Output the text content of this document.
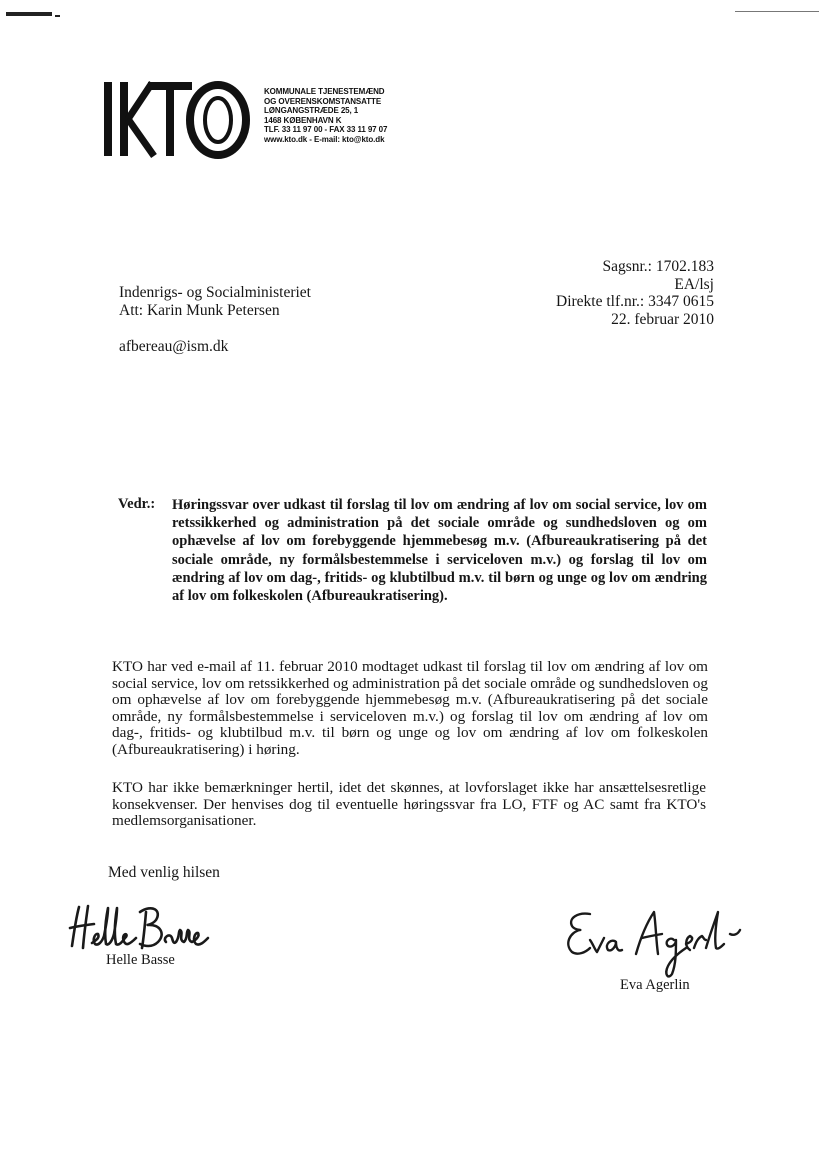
KOMMUNALE TJENESTEMÆND
OG OVERENSKOMSTANSATTE
LØNGANGSTRÆDE 25, 1
1468 KØBENHAVN K
TLF. 33 11 97 00 - FAX 33 11 97 07
www.kto.dk - E-mail: kto@kto.dk
Sagsnr.: 1702.183
EA/lsj
Direkte tlf.nr.: 3347 0615
22. februar 2010
Indenrigs- og Socialministeriet
Att: Karin Munk Petersen
afbereau@ism.dk
Vedr.: Høringssvar over udkast til forslag til lov om ændring af lov om social service, lov om retssikkerhed og administration på det sociale område og sundhedsloven og om ophævelse af lov om forebyggende hjemmebesøg m.v. (Afbureaukratisering på det sociale område, ny formålsbestemmelse i serviceloven m.v.) og forslag til lov om ændring af lov om dag-, fritids- og klubtilbud m.v. til børn og unge og lov om ændring af lov om folkeskolen (Afbureaukratisering).
KTO har ved e-mail af 11. februar 2010 modtaget udkast til forslag til lov om ændring af lov om social service, lov om retssikkerhed og administration på det sociale område og sundhedsloven og om ophævelse af lov om forebyggende hjemmebesøg m.v. (Afbureaukratisering på det sociale område, ny formålsbestemmelse i serviceloven m.v.) og forslag til lov om ændring af lov om dag-, fritids- og klubtilbud m.v. til børn og unge og lov om ændring af lov om folkeskolen (Afbureaukratisering) i høring.
KTO har ikke bemærkninger hertil, idet det skønnes, at lovforslaget ikke har ansættelsesretlige konsekvenser. Der henvises dog til eventuelle høringssvar fra LO, FTF og AC samt fra KTO's medlemsorganisationer.
Med venlig hilsen
Helle Basse
Eva Agerlin
